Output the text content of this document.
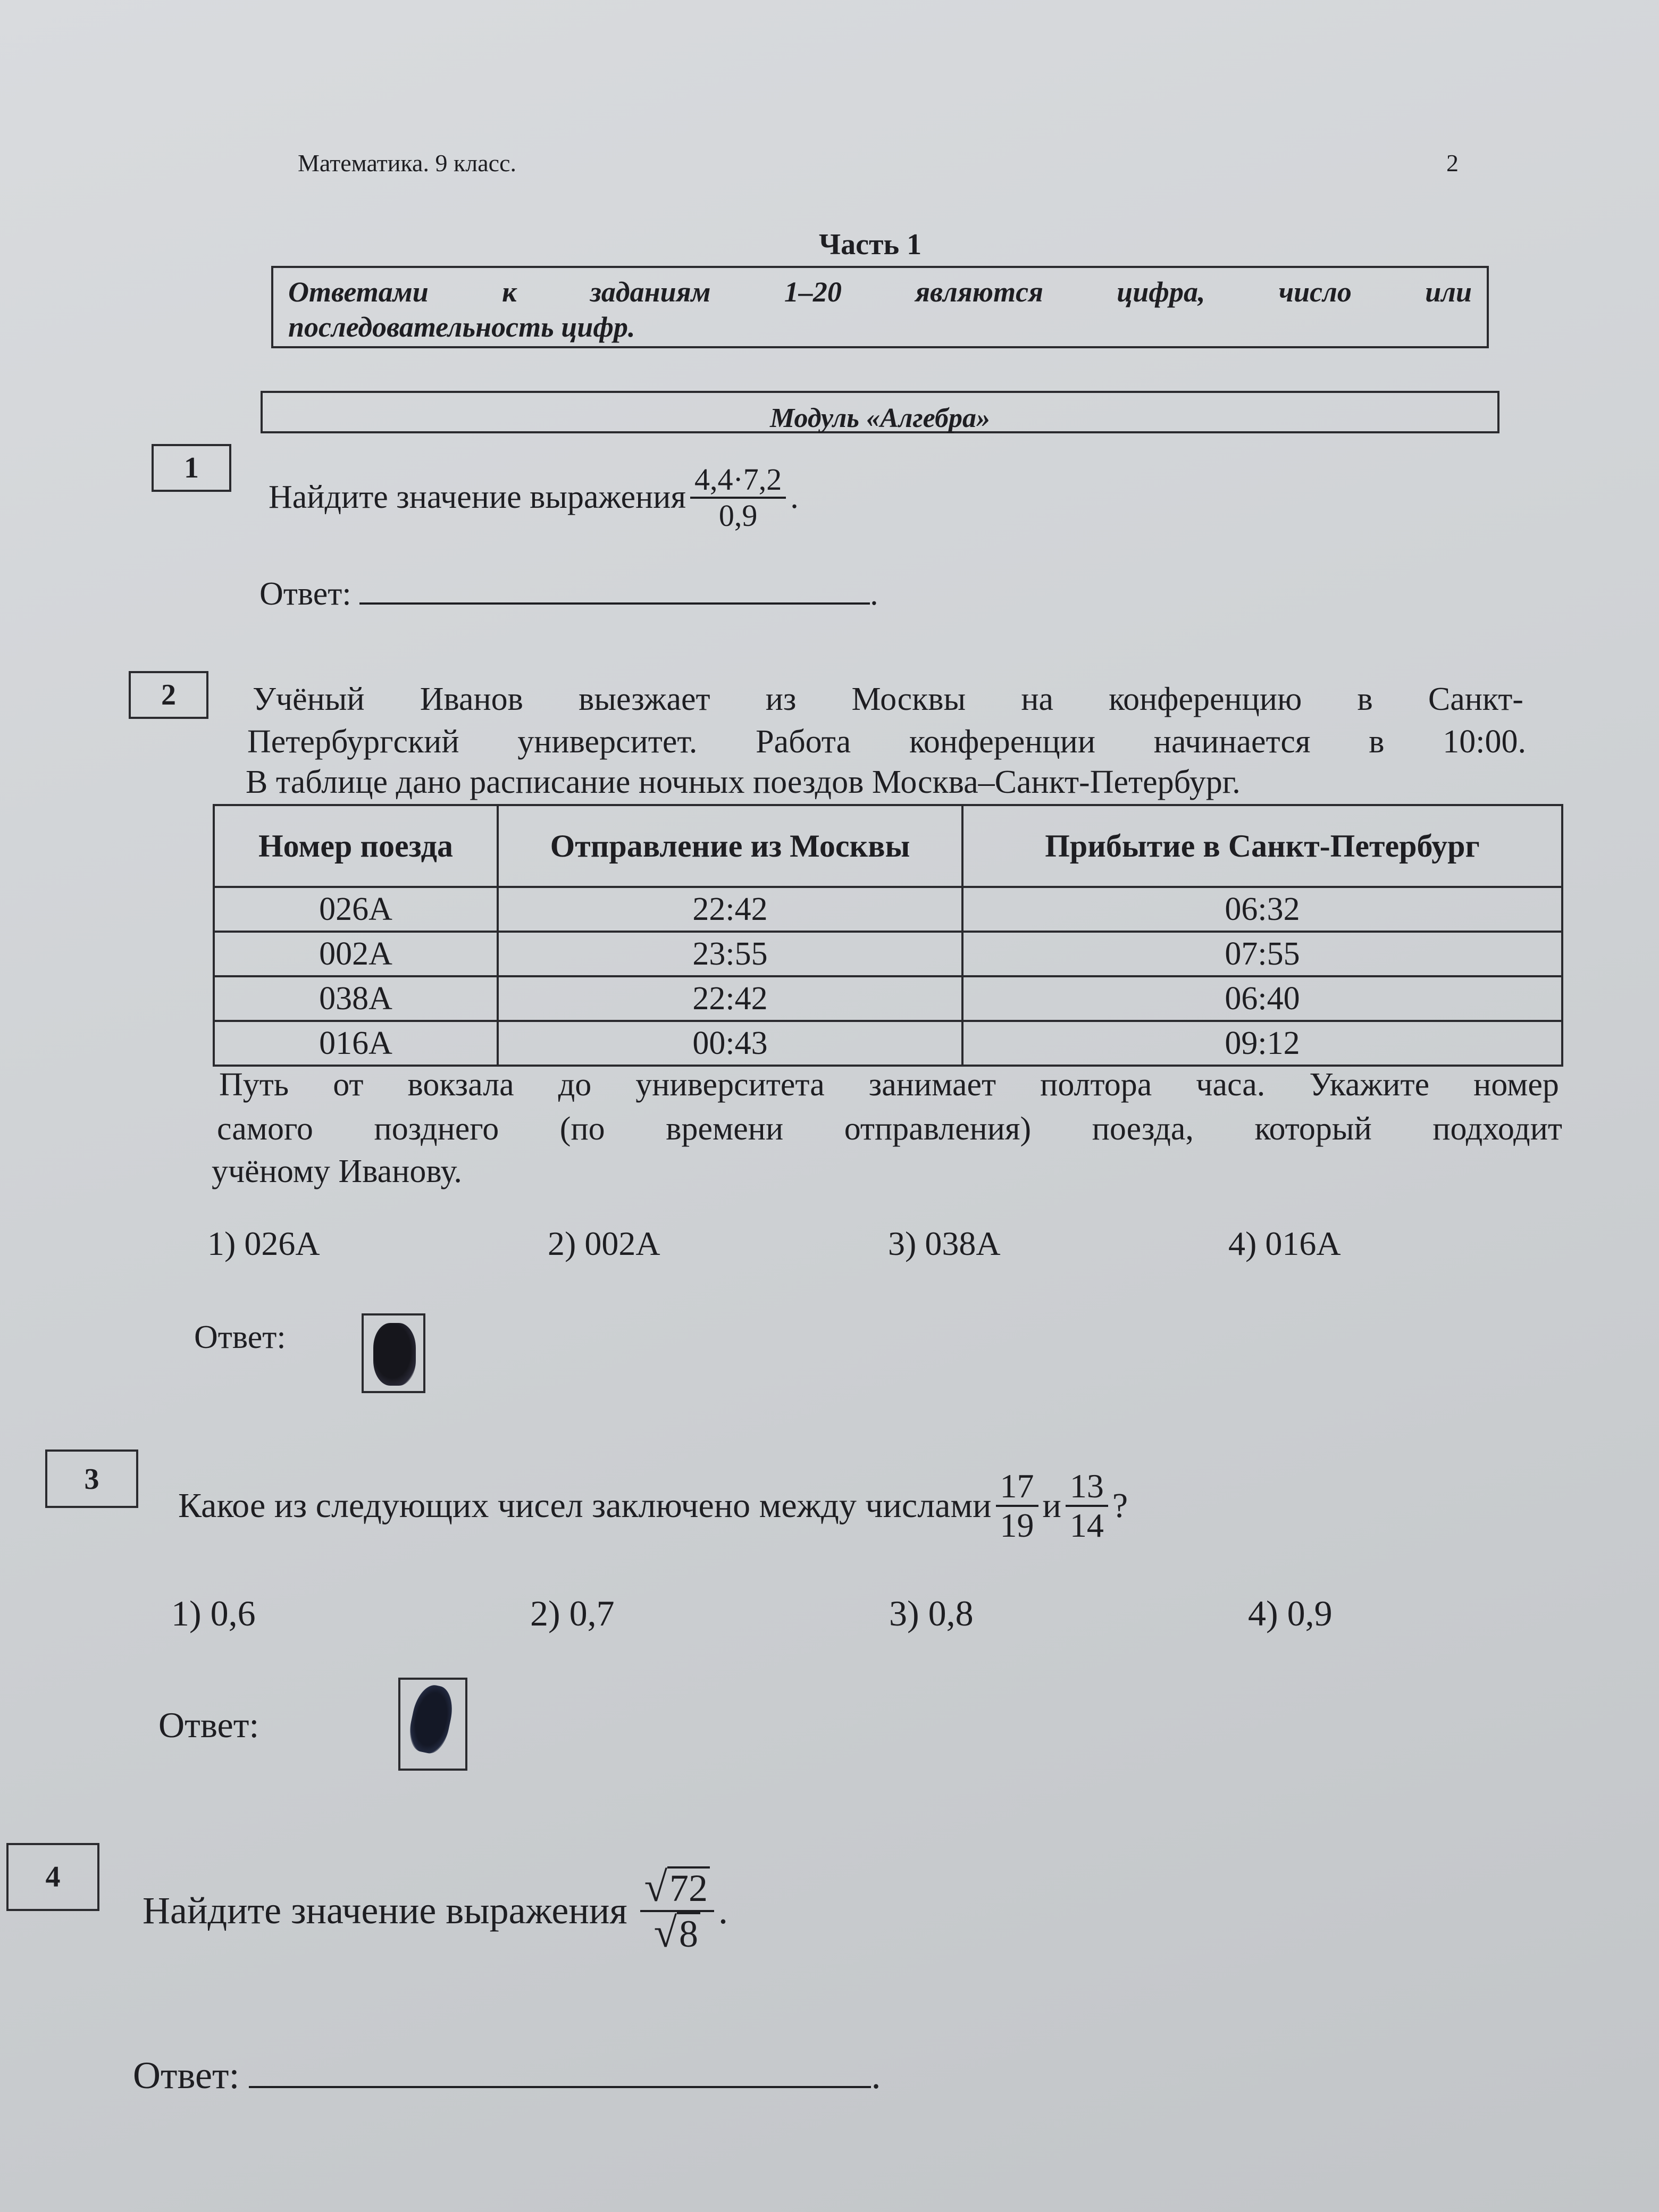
Математика. 9 класс.	2
Часть 1
Ответами	к	заданиям	1–20	являются	цифра,	число	или
последовательность цифр.
Модуль «Алгебра»
1
Найдите значение выражения $\frac{4,4\cdot 7,2}{0,9}$ .
Ответ:	.
2	Учёный Иванов выезжает из Москвы на конференцию в Санкт-
Петербургский университет. Работа конференции начинается в 10:00.
В таблице дано расписание ночных поездов Москва–Санкт-Петербург.
Номер поезда	Отправление из Москвы	Прибытие в Санкт-Петербург
026А	22:42	06:32
002А	23:55	07:55
038А	22:42	06:40
016А	00:43	09:12
Путь от вокзала до университета занимает полтора часа. Укажите номер
самого позднего (по времени отправления) поезда, который подходит
учёному Иванову.
1) 026А	2) 002А	3) 038А	4) 016А
Ответ:

3
Какое из следующих чисел заключено между числами $\frac{17}{19}$ и $\frac{13}{14}$ ?
1) 0,6	2) 0,7	3) 0,8	4) 0,9
Ответ:
4
Найдите значение выражения $\frac{√ 72}{√ 8}$ .
Ответ:	.
